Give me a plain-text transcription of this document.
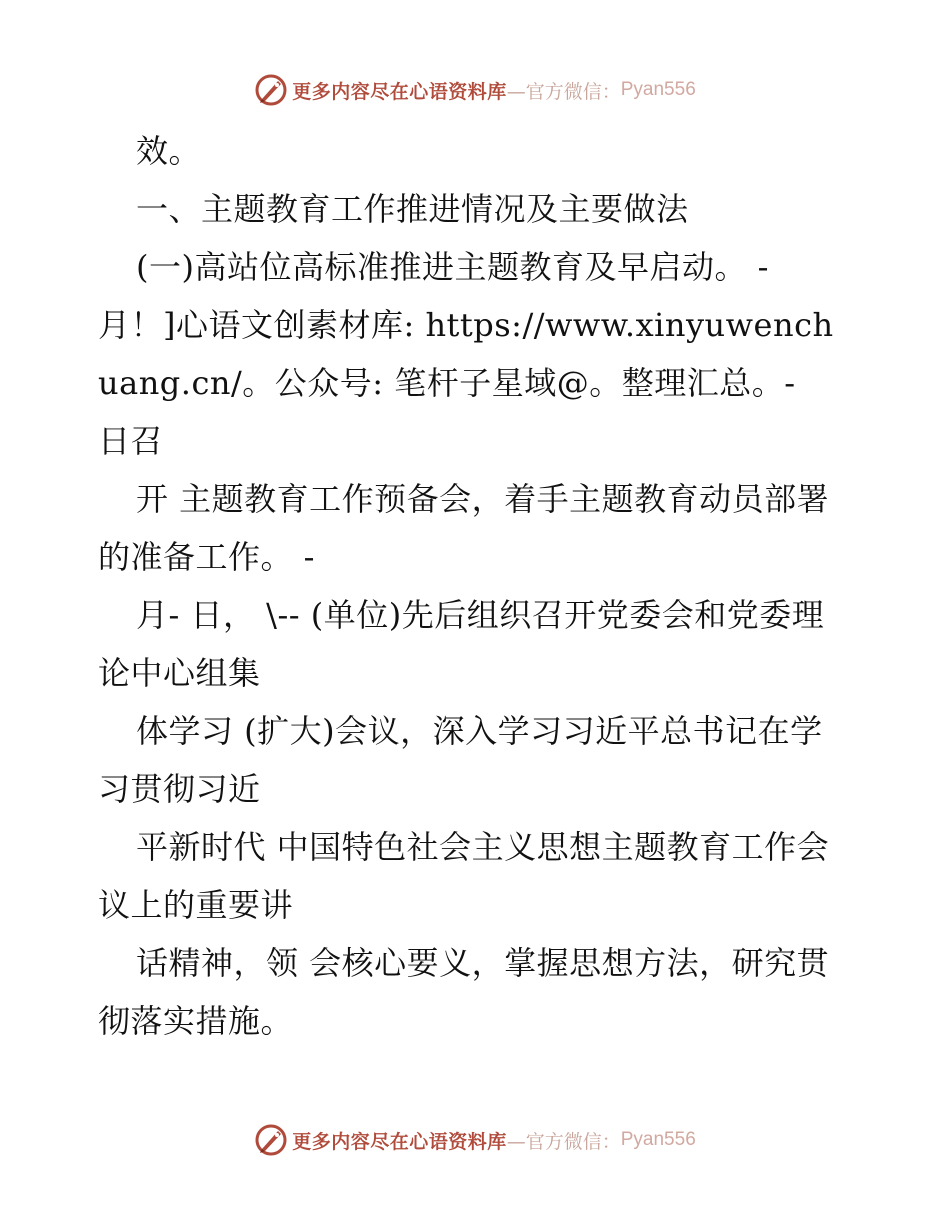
更多内容尽在心语资料库 —官方微信： Pyan556

效。

一、主题教育工作推进情况及主要做法

(一)高站位高标准推进主题教育及早启动。 - 月！]心语文创素材库: https://www.xinyuwenchuang.cn/。公众号: 笔杆子星域@。整理汇总。- 日召

开 主题教育工作预备会，着手主题教育动员部署的准备工作。 -

月- 日， \-- (单位)先后组织召开党委会和党委理论中心组集

体学习 (扩大)会议，深入学习习近平总书记在学习贯彻习近

平新时代 中国特色社会主义思想主题教育工作会议上的重要讲

话精神，领 会核心要义，掌握思想方法，研究贯彻落实措施。

更多内容尽在心语资料库 —官方微信： Pyan556
